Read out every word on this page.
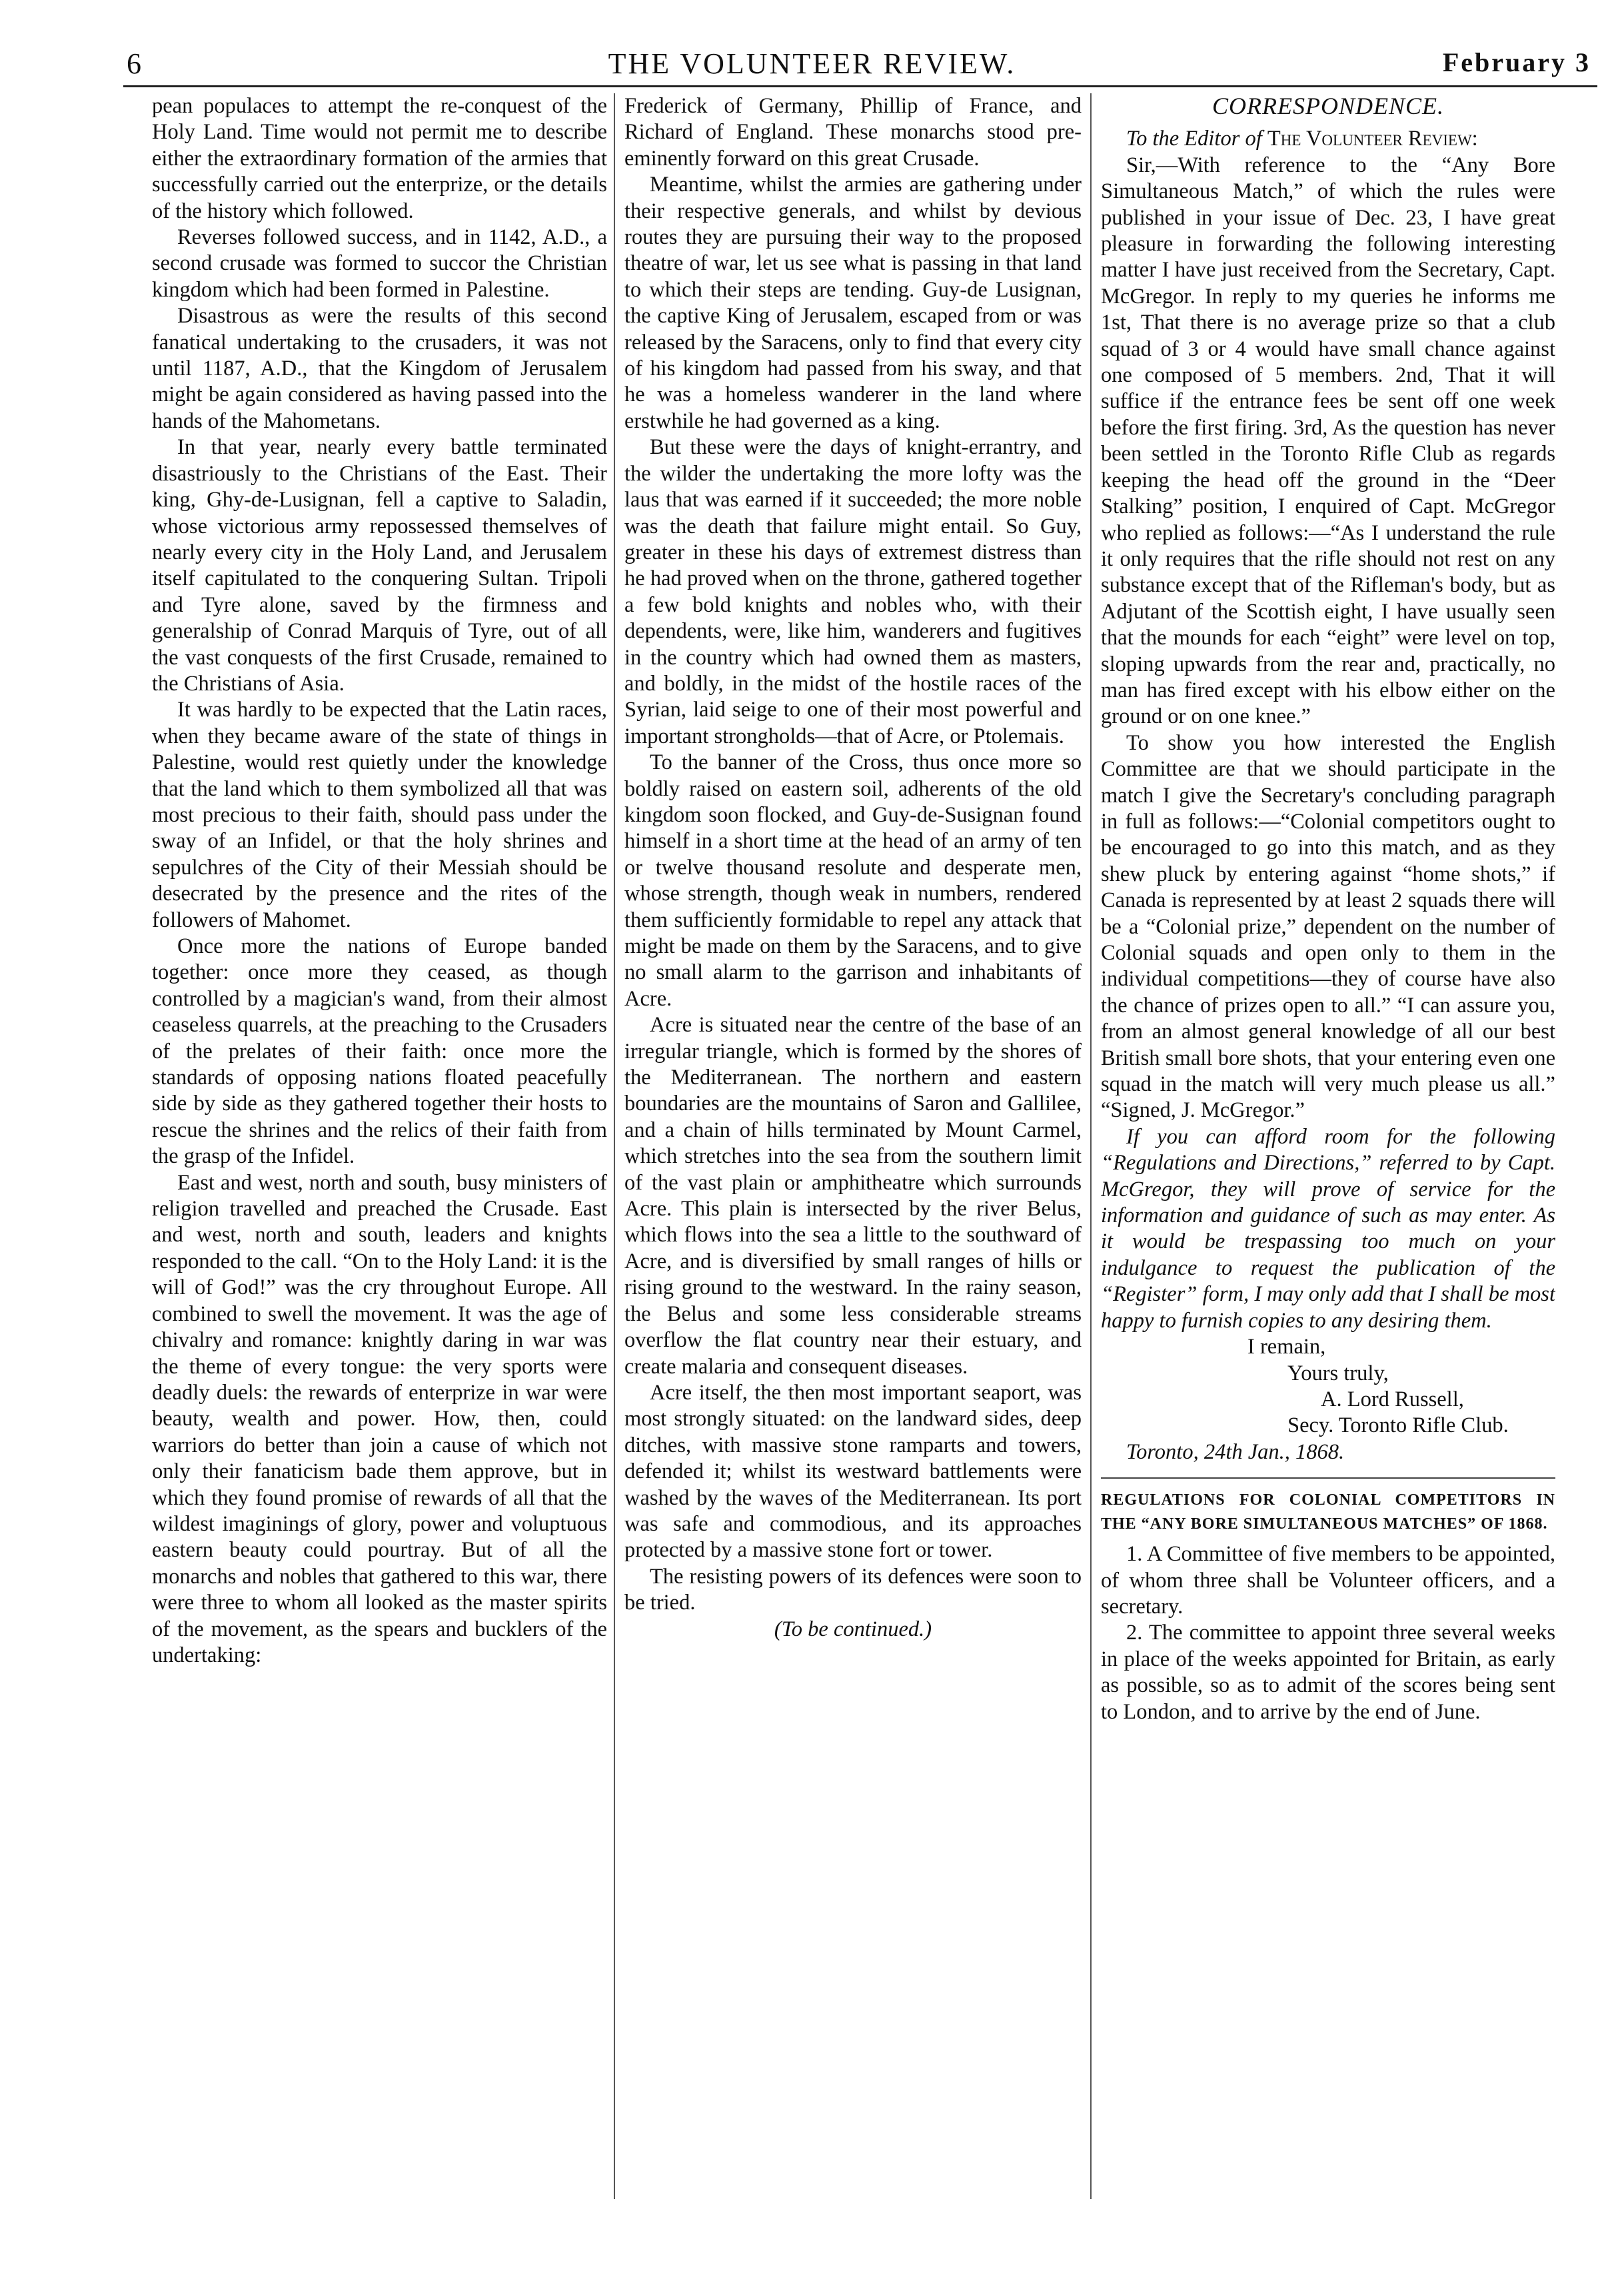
6	THE VOLUNTEER REVIEW.	February 3

pean populaces to attempt the re-conquest of the Holy Land. Time would not permit me to describe either the extraordinary formation of the armies that successfully carried out the enterprize, or the details of the history which followed.

Reverses followed success, and in 1142, A.D., a second crusade was formed to succor the Christian kingdom which had been formed in Palestine.

Disastrous as were the results of this second fanatical undertaking to the crusaders, it was not until 1187, A.D., that the Kingdom of Jerusalem might be again considered as having passed into the hands of the Mahometans.

In that year, nearly every battle terminated disastriously to the Christians of the East. Their king, Ghy-de-Lusignan, fell a captive to Saladin, whose victorious army repossessed themselves of nearly every city in the Holy Land, and Jerusalem itself capitulated to the conquering Sultan. Tripoli and Tyre alone, saved by the firmness and generalship of Conrad Marquis of Tyre, out of all the vast conquests of the first Crusade, remained to the Christians of Asia.

It was hardly to be expected that the Latin races, when they became aware of the state of things in Palestine, would rest quietly under the knowledge that the land which to them symbolized all that was most precious to their faith, should pass under the sway of an Infidel, or that the holy shrines and sepulchres of the City of their Messiah should be desecrated by the presence and the rites of the followers of Mahomet.

Once more the nations of Europe banded together: once more they ceased, as though controlled by a magician's wand, from their almost ceaseless quarrels, at the preaching to the Crusaders of the prelates of their faith: once more the standards of opposing nations floated peacefully side by side as they gathered together their hosts to rescue the shrines and the relics of their faith from the grasp of the Infidel.

East and west, north and south, busy ministers of religion travelled and preached the Crusade. East and west, north and south, leaders and knights responded to the call. “On to the Holy Land: it is the will of God!” was the cry throughout Europe. All combined to swell the movement. It was the age of chivalry and romance: knightly daring in war was the theme of every tongue: the very sports were deadly duels: the rewards of enterprize in war were beauty, wealth and power. How, then, could warriors do better than join a cause of which not only their fanaticism bade them approve, but in which they found promise of rewards of all that the wildest imaginings of glory, power and voluptuous eastern beauty could pourtray. But of all the monarchs and nobles that gathered to this war, there were three to whom all looked as the master spirits of the movement, as the spears and bucklers of the undertaking:

Frederick of Germany, Phillip of France, and Richard of England. These monarchs stood pre-eminently forward on this great Crusade.

Meantime, whilst the armies are gathering under their respective generals, and whilst by devious routes they are pursuing their way to the proposed theatre of war, let us see what is passing in that land to which their steps are tending. Guy-de Lusignan, the captive King of Jerusalem, escaped from or was released by the Saracens, only to find that every city of his kingdom had passed from his sway, and that he was a homeless wanderer in the land where erstwhile he had governed as a king.

But these were the days of knight-errantry, and the wilder the undertaking the more lofty was the laus that was earned if it succeeded; the more noble was the death that failure might entail. So Guy, greater in these his days of extremest distress than he had proved when on the throne, gathered together a few bold knights and nobles who, with their dependents, were, like him, wanderers and fugitives in the country which had owned them as masters, and boldly, in the midst of the hostile races of the Syrian, laid seige to one of their most powerful and important strongholds—that of Acre, or Ptolemais.

To the banner of the Cross, thus once more so boldly raised on eastern soil, adherents of the old kingdom soon flocked, and Guy-de-Susignan found himself in a short time at the head of an army of ten or twelve thousand resolute and desperate men, whose strength, though weak in numbers, rendered them sufficiently formidable to repel any attack that might be made on them by the Saracens, and to give no small alarm to the garrison and inhabitants of Acre.

Acre is situated near the centre of the base of an irregular triangle, which is formed by the shores of the Mediterranean. The northern and eastern boundaries are the mountains of Saron and Gallilee, and a chain of hills terminated by Mount Carmel, which stretches into the sea from the southern limit of the vast plain or amphitheatre which surrounds Acre. This plain is intersected by the river Belus, which flows into the sea a little to the southward of Acre, and is diversified by small ranges of hills or rising ground to the westward. In the rainy season, the Belus and some less considerable streams overflow the flat country near their estuary, and create malaria and consequent diseases.

Acre itself, the then most important seaport, was most strongly situated: on the landward sides, deep ditches, with massive stone ramparts and towers, defended it; whilst its westward battlements were washed by the waves of the Mediterranean. Its port was safe and commodious, and its approaches protected by a massive stone fort or tower.

The resisting powers of its defences were soon to be tried.

(To be continued.)

CORRESPONDENCE.

To the Editor of The Volunteer Review:

Sir,—With reference to the “Any Bore Simultaneous Match,” of which the rules were published in your issue of Dec. 23, I have great pleasure in forwarding the following interesting matter I have just received from the Secretary, Capt. McGregor. In reply to my queries he informs me 1st, That there is no average prize so that a club squad of 3 or 4 would have small chance against one composed of 5 members. 2nd, That it will suffice if the entrance fees be sent off one week before the first firing. 3rd, As the question has never been settled in the Toronto Rifle Club as regards keeping the head off the ground in the “Deer Stalking” position, I enquired of Capt. McGregor who replied as follows:—“As I understand the rule it only requires that the rifle should not rest on any substance except that of the Rifleman's body, but as Adjutant of the Scottish eight, I have usually seen that the mounds for each “eight” were level on top, sloping upwards from the rear and, practically, no man has fired except with his elbow either on the ground or on one knee.”

To show you how interested the English Committee are that we should participate in the match I give the Secretary's concluding paragraph in full as follows:—“Colonial competitors ought to be encouraged to go into this match, and as they shew pluck by entering against “home shots,” if Canada is represented by at least 2 squads there will be a “Colonial prize,” dependent on the number of Colonial squads and open only to them in the individual competitions—they of course have also the chance of prizes open to all.” “I can assure you, from an almost general knowledge of all our best British small bore shots, that your entering even one squad in the match will very much please us all.” “Signed, J. McGregor.”

If you can afford room for the following “Regulations and Directions,” referred to by Capt. McGregor, they will prove of service for the information and guidance of such as may enter. As it would be trespassing too much on your indulgance to request the publication of the “Register” form, I may only add that I shall be most happy to furnish copies to any desiring them.

I remain,

Yours truly,

A. Lord Russell,

Secy. Toronto Rifle Club.

Toronto, 24th Jan., 1868.

REGULATIONS FOR COLONIAL COMPETITORS IN THE “ANY BORE SIMULTANEOUS MATCHES” OF 1868.

1. A Committee of five members to be appointed, of whom three shall be Volunteer officers, and a secretary.

2. The committee to appoint three several weeks in place of the weeks appointed for Britain, as early as possible, so as to admit of the scores being sent to London, and to arrive by the end of June.
